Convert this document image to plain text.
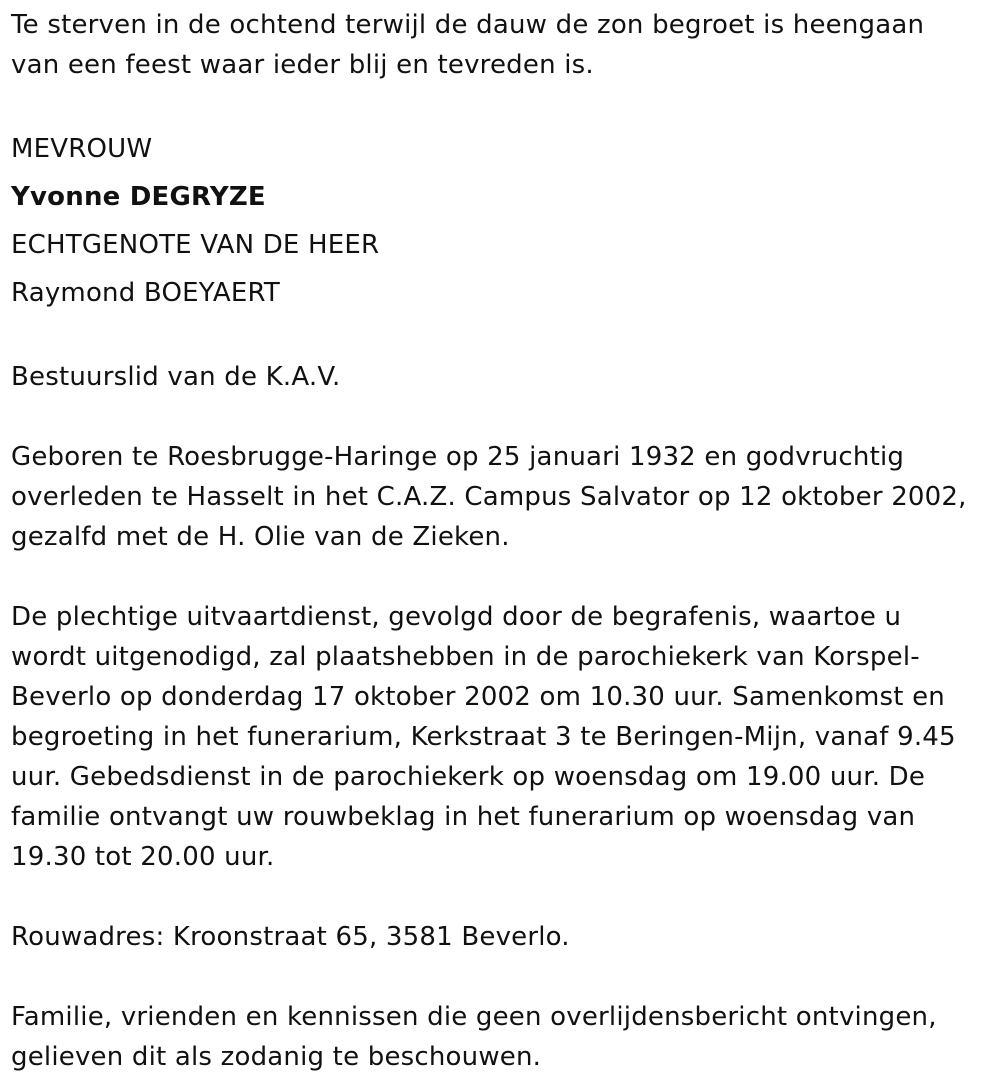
Te sterven in de ochtend terwijl de dauw de zon begroet is heengaan

van een feest waar ieder blij en tevreden is.

MEVROUW

Yvonne DEGRYZE

ECHTGENOTE VAN DE HEER

Raymond BOEYAERT

Bestuurslid van de K.A.V.

Geboren te Roesbrugge-Haringe op 25 januari 1932 en godvruchtig

overleden te Hasselt in het C.A.Z. Campus Salvator op 12 oktober 2002,

gezalfd met de H. Olie van de Zieken.

De plechtige uitvaartdienst, gevolgd door de begrafenis, waartoe u

wordt uitgenodigd, zal plaatshebben in de parochiekerk van Korspel-

Beverlo op donderdag 17 oktober 2002 om 10.30 uur. Samenkomst en

begroeting in het funerarium, Kerkstraat 3 te Beringen-Mijn, vanaf 9.45

uur. Gebedsdienst in de parochiekerk op woensdag om 19.00 uur. De

familie ontvangt uw rouwbeklag in het funerarium op woensdag van

19.30 tot 20.00 uur.

Rouwadres: Kroonstraat 65, 3581 Beverlo.

Familie, vrienden en kennissen die geen overlijdensbericht ontvingen,

gelieven dit als zodanig te beschouwen.
